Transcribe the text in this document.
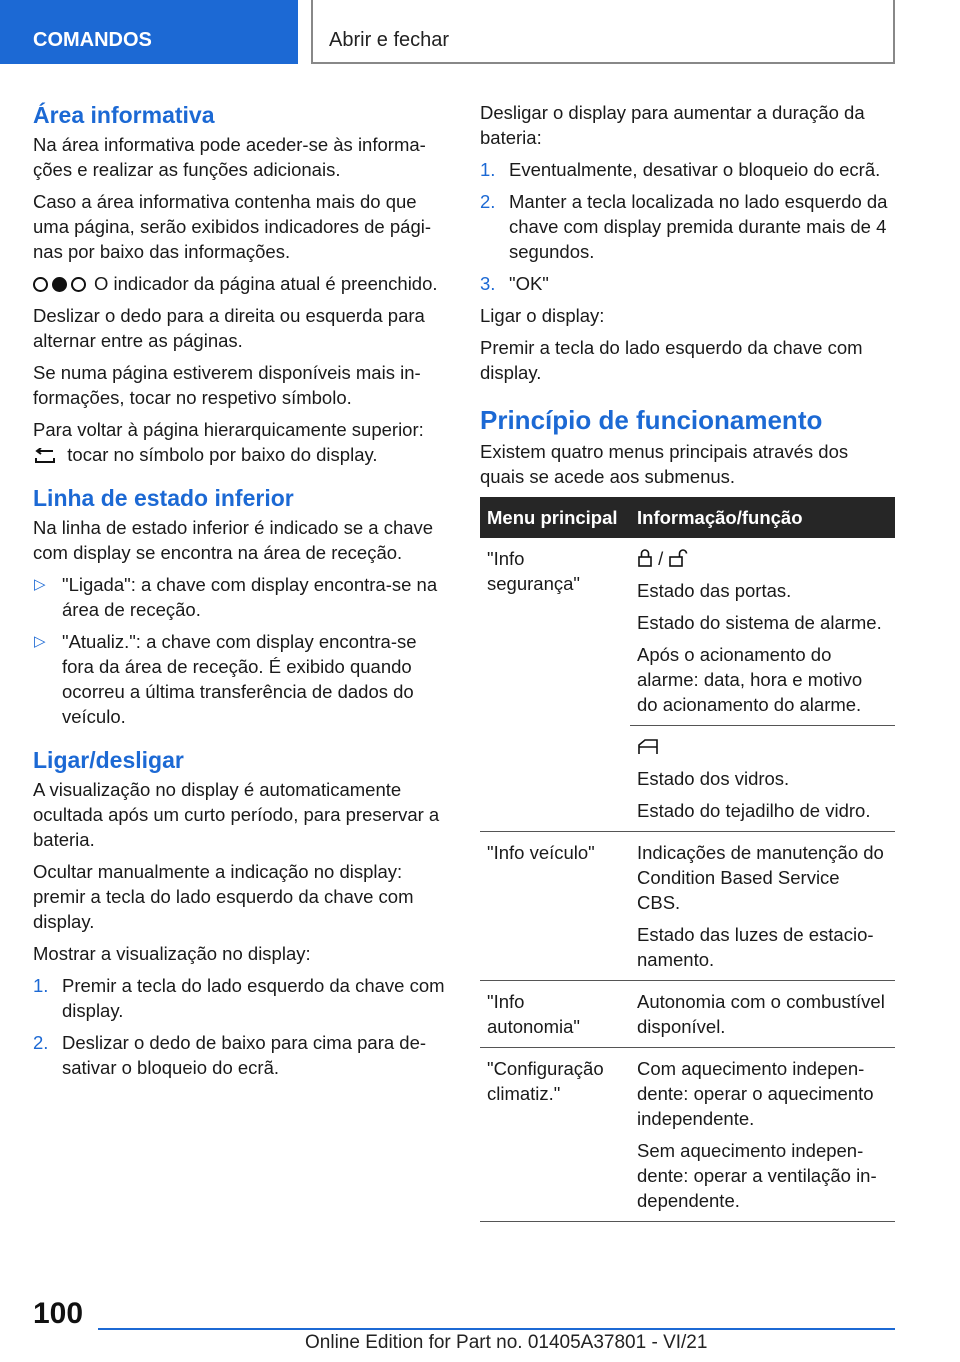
COMANDOS	Abrir e fechar
Área informativa

Na área informativa pode aceder-se às informações e realizar as funções adicionais.

Caso a área informativa contenha mais do que uma página, serão exibidos indicadores de páginas por baixo das informações.

O indicador da página atual é preenchido.

Deslizar o dedo para a direita ou esquerda para alternar entre as páginas.

Se numa página estiverem disponíveis mais informações, tocar no respetivo símbolo.

Para voltar à página hierarquicamente superior:

tocar no símbolo por baixo do display.

Linha de estado inferior

Na linha de estado inferior é indicado se a chave com display se encontra na área de receção.

▷ "Ligada": a chave com display encontra-se na área de receção.
▷ "Atualiz.": a chave com display encontra-se fora da área de receção. É exibido quando ocorreu a última transferência de dados do veículo.
Ligar/desligar

A visualização no display é automaticamente ocultada após um curto período, para preservar a bateria.

Ocultar manualmente a indicação no display: premir a tecla do lado esquerdo da chave com display.

Mostrar a visualização no display:

1. Premir a tecla do lado esquerdo da chave com display.
2. Deslizar o dedo de baixo para cima para desativar o bloqueio do ecrã.

Desligar o display para aumentar a duração da bateria:

1. Eventualmente, desativar o bloqueio do ecrã.
2. Manter a tecla localizada no lado esquerdo da chave com display premida durante mais de 4 segundos.
3. "OK"

Ligar o display:

Premir a tecla do lado esquerdo da chave com display.

Princípio de funcionamento

Existem quatro menus principais através dos quais se acede aos submenus.

Menu principal	Informação/função
"Info segurança"	/

Estado das portas.

Estado do sistema de alarme.

Após o acionamento do alarme: data, hora e motivo do acionamento do alarme.

	Estado dos vidros.

Estado do tejadilho de vidro.

"Info veículo"	Indicações de manutenção do Condition Based Service CBS.

Estado das luzes de estacionamento.

"Info autonomia"	Autonomia com o combustível disponível.

"Configuração climatiz."	Com aquecimento independente: operar o aquecimento independente.

Sem aquecimento independente: operar a ventilação independente.

100
Online Edition for Part no. 01405A37801 - VI/21
